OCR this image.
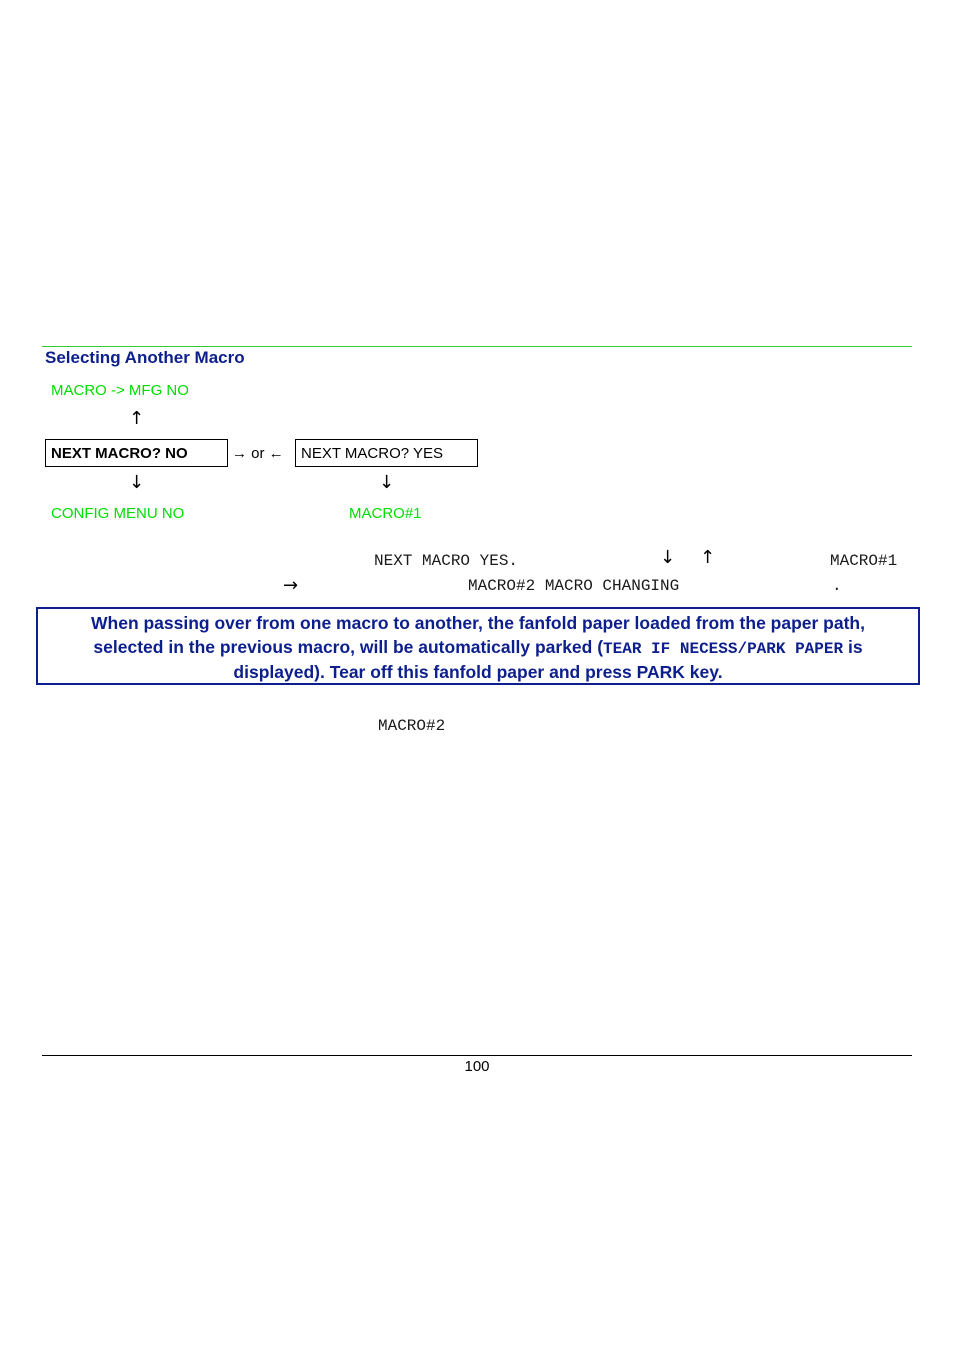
Selecting Another Macro
MACRO -> MFG NO
↑
NEXT MACRO? NO	→ or ←	NEXT MACRO? YES
↓	↓
CONFIG MENU NO	MACRO#1
NEXT MACRO YES.	↓ ↑	MACRO#1
→	MACRO#2 MACRO CHANGING	.
When passing over from one macro to another, the fanfold paper loaded from the paper path,
selected in the previous macro, will be automatically parked (TEAR IF NECESS/PARK PAPER is
displayed). Tear off this fanfold paper and press PARK key.
MACRO#2
100
